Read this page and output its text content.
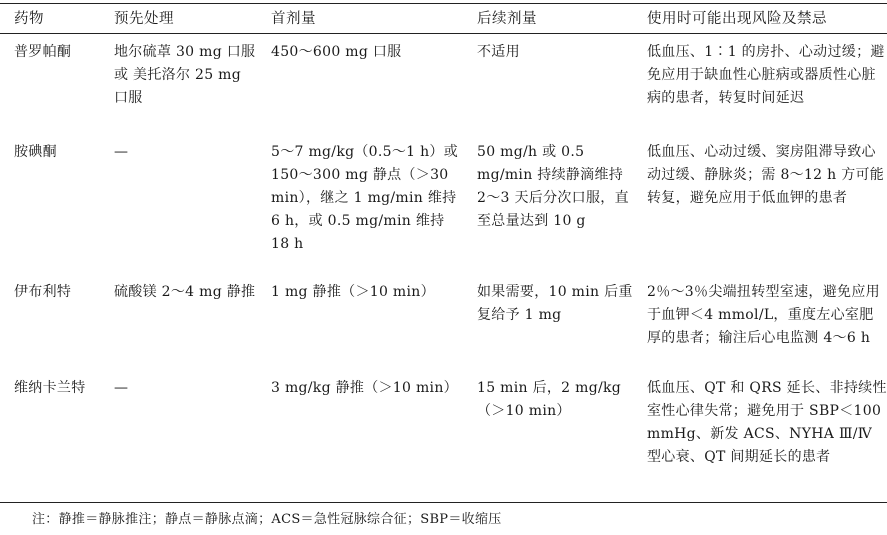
药物	预先处理	首剂量	后续剂量	使用时可能出现风险及禁忌
普罗帕酮	地尔硫䓬 30 mg 口服或 美托洛尔 25 mg 口服	450～600 mg 口服	不适用	低血压、1∶1 的房扑、心动过缓；避免应用于缺血性心脏病或器质性心脏病的患者，转复时间延迟
胺碘酮	—	5～7 mg/kg（0.5～1 h）或 150～300 mg 静点（＞30 min），继之 1 mg/min 维持 6 h，或 0.5 mg/min 维持 18 h	50 mg/h 或 0.5 mg/min 持续静滴维持 2～3 天后分次口服，直至总量达到 10 g	低血压、心动过缓、窦房阻滞导致心动过缓、静脉炎；需 8～12 h 方可能转复，避免应用于低血钾的患者
伊布利特	硫酸镁 2～4 mg 静推	1 mg 静推（＞10 min）	如果需要，10 min 后重复给予 1 mg	2％～3％尖端扭转型室速，避免应用于血钾＜4 mmol/L，重度左心室肥厚的患者；输注后心电监测 4～6 h
维纳卡兰特	—	3 mg/kg 静推（＞10 min）	15 min 后，2 mg/kg（＞10 min）	低血压、QT 和 QRS 延长、非持续性室性心律失常；避免用于 SBP＜100 mmHg、新发 ACS、NYHA Ⅲ/Ⅳ 型心衰、QT 间期延长的患者
注：静推＝静脉推注；静点＝静脉点滴；ACS＝急性冠脉综合征；SBP＝收缩压
